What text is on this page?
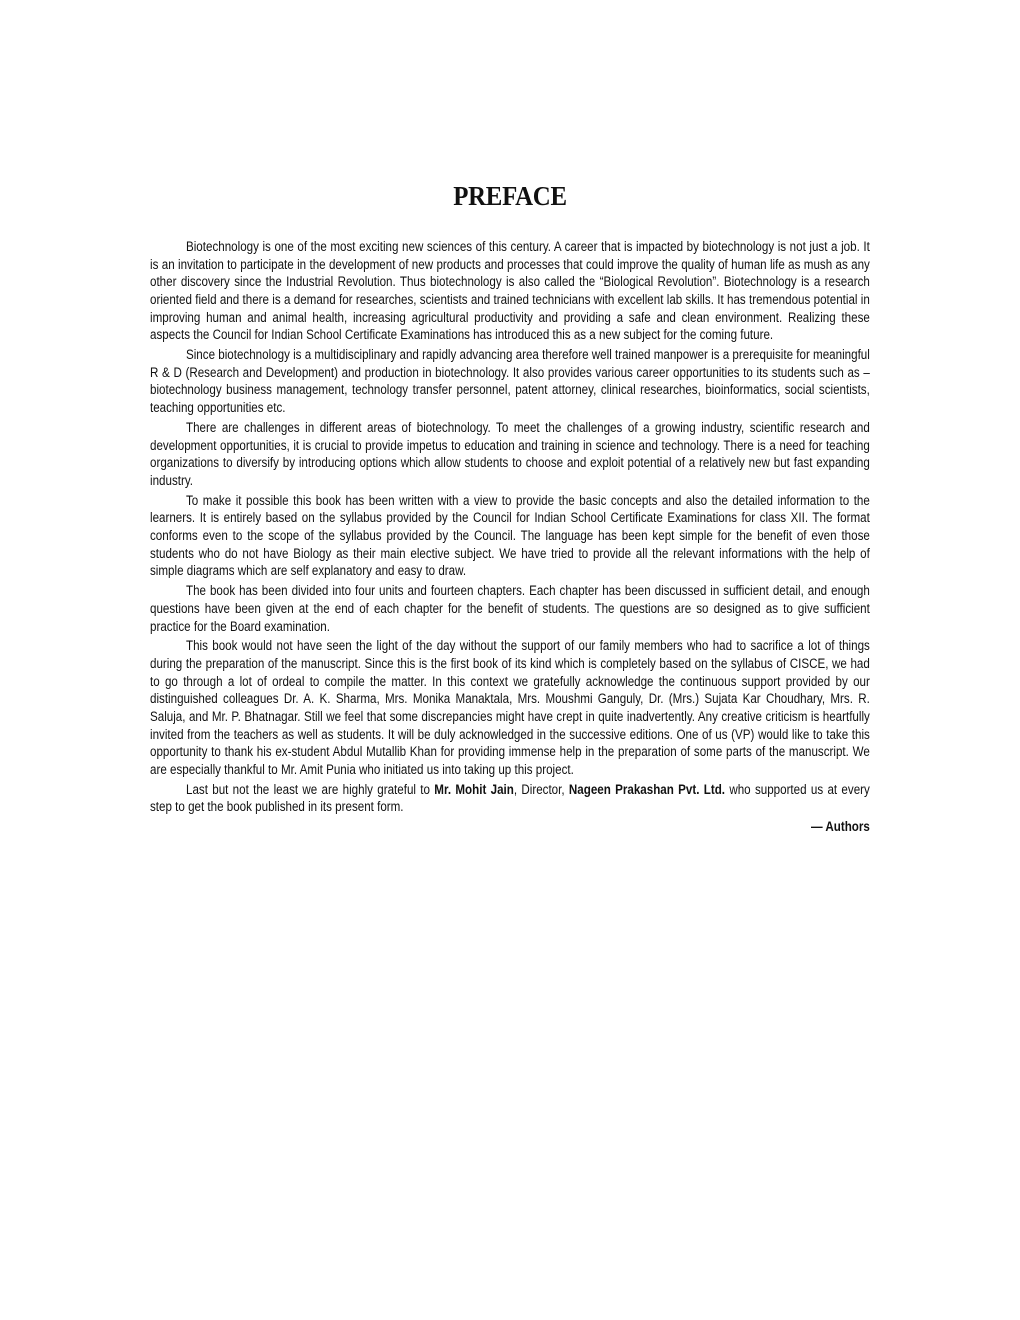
PREFACE

Biotechnology is one of the most exciting new sciences of this century. A career that is impacted by biotechnology is not just a job. It is an invitation to participate in the development of new products and processes that could improve the quality of human life as mush as any other discovery since the Industrial Revolution. Thus biotechnology is also called the “Biological Revolution”. Biotechnology is a research oriented field and there is a demand for researches, scientists and trained technicians with excellent lab skills. It has tremendous potential in improving human and animal health, increasing agricultural productivity and providing a safe and clean environment. Realizing these aspects the Council for Indian School Certificate Examinations has introduced this as a new subject for the coming future.

Since biotechnology is a multidisciplinary and rapidly advancing area therefore well trained manpower is a prerequisite for meaningful R & D (Research and Development) and production in biotechnology. It also provides various career opportunities to its students such as – biotechnology business management, technology transfer personnel, patent attorney, clinical researches, bioinformatics, social scientists, teaching opportunities etc.

There are challenges in different areas of biotechnology. To meet the challenges of a growing industry, scientific research and development opportunities, it is crucial to provide impetus to education and training in science and technology. There is a need for teaching organizations to diversify by introducing options which allow students to choose and exploit potential of a relatively new but fast expanding industry.

To make it possible this book has been written with a view to provide the basic concepts and also the detailed information to the learners. It is entirely based on the syllabus provided by the Council for Indian School Certificate Examinations for class XII. The format conforms even to the scope of the syllabus provided by the Council. The language has been kept simple for the benefit of even those students who do not have Biology as their main elective subject. We have tried to provide all the relevant informations with the help of simple diagrams which are self explanatory and easy to draw.

The book has been divided into four units and fourteen chapters. Each chapter has been discussed in sufficient detail, and enough questions have been given at the end of each chapter for the benefit of students. The questions are so designed as to give sufficient practice for the Board examination.

This book would not have seen the light of the day without the support of our family members who had to sacrifice a lot of things during the preparation of the manuscript. Since this is the first book of its kind which is completely based on the syllabus of CISCE, we had to go through a lot of ordeal to compile the matter. In this context we gratefully acknowledge the continuous support provided by our distinguished colleagues Dr. A. K. Sharma, Mrs. Monika Manaktala, Mrs. Moushmi Ganguly, Dr. (Mrs.) Sujata Kar Choudhary, Mrs. R. Saluja, and Mr. P. Bhatnagar. Still we feel that some discrepancies might have crept in quite inadvertently. Any creative criticism is heartfully invited from the teachers as well as students. It will be duly acknowledged in the successive editions. One of us (VP) would like to take this opportunity to thank his ex-student Abdul Mutallib Khan for providing immense help in the preparation of some parts of the manuscript. We are especially thankful to Mr. Amit Punia who initiated us into taking up this project.

Last but not the least we are highly grateful to Mr. Mohit Jain, Director, Nageen Prakashan Pvt. Ltd. who supported us at every step to get the book published in its present form.

— Authors
